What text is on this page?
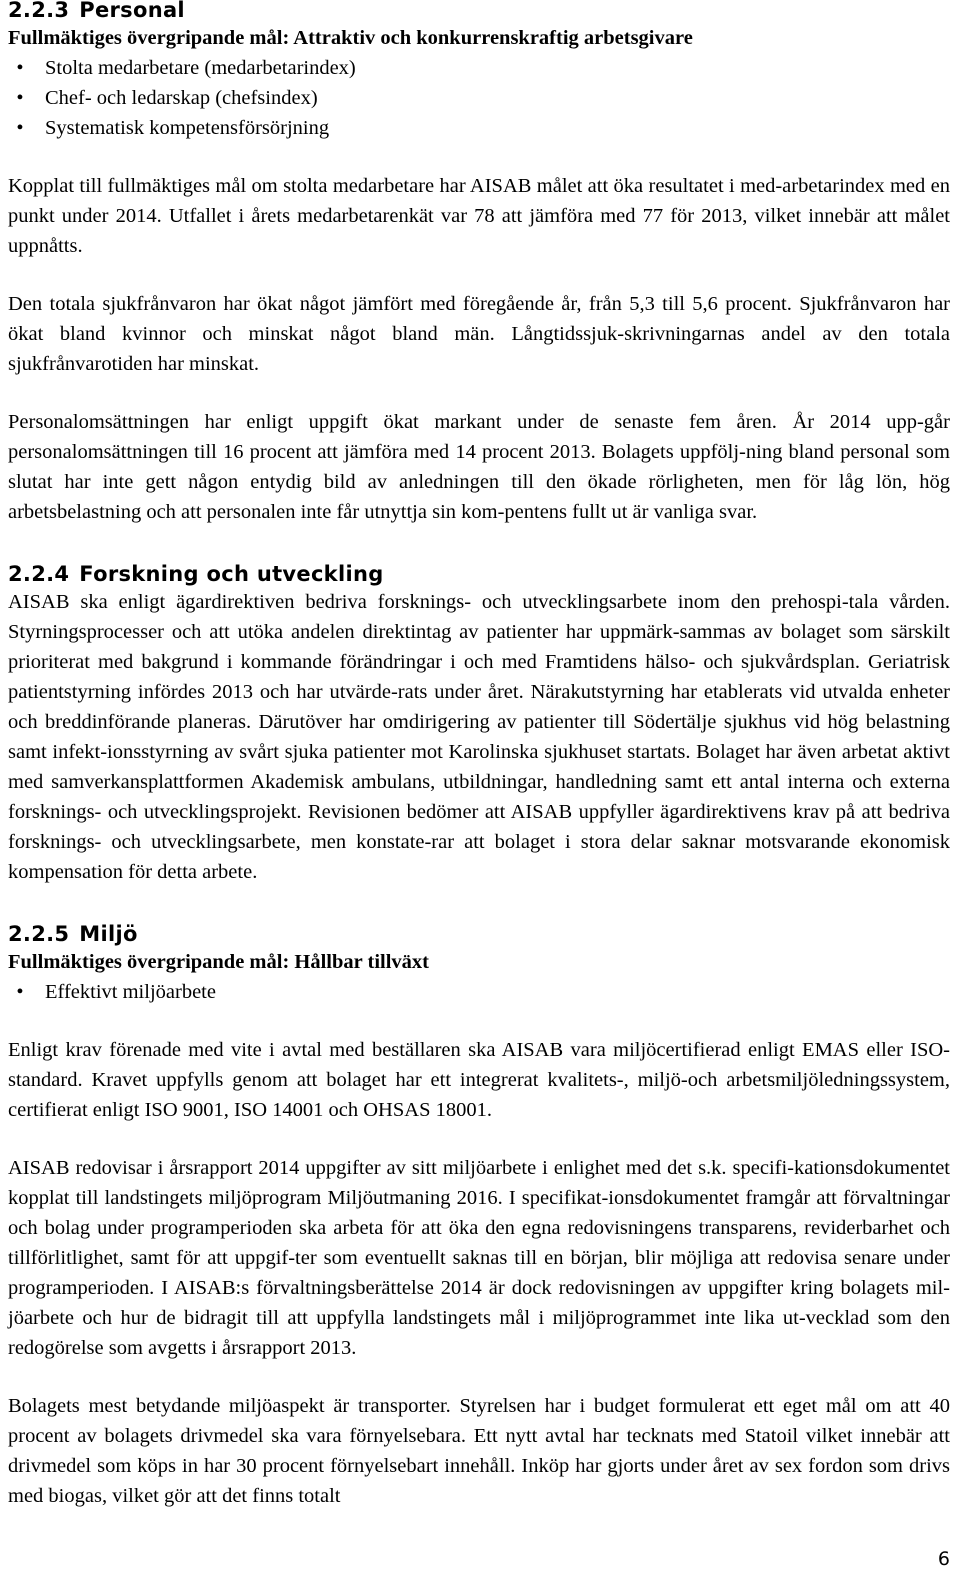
2.2.3 Personal

Fullmäktiges övergripande mål: Attraktiv och konkurrenskraftig arbetsgivare

•	Stolta medarbetare (medarbetarindex)
•	Chef- och ledarskap (chefsindex)
•	Systematisk kompetensförsörjning

Kopplat till fullmäktiges mål om stolta medarbetare har AISAB målet att öka resultatet i med-arbetarindex med en punkt under 2014. Utfallet i årets medarbetarenkät var 78 att jämföra med 77 för 2013, vilket innebär att målet uppnåtts.

Den totala sjukfrånvaron har ökat något jämfört med föregående år, från 5,3 till 5,6 procent. Sjukfrånvaron har ökat bland kvinnor och minskat något bland män. Långtidssjuk-skrivningarnas andel av den totala sjukfrånvarotiden har minskat.

Personalomsättningen har enligt uppgift ökat markant under de senaste fem åren. År 2014 upp-går personalomsättningen till 16 procent att jämföra med 14 procent 2013. Bolagets uppfölj-ning bland personal som slutat har inte gett någon entydig bild av anledningen till den ökade rörligheten, men för låg lön, hög arbetsbelastning och att personalen inte får utnyttja sin kom-pentens fullt ut är vanliga svar.

2.2.4 Forskning och utveckling

AISAB ska enligt ägardirektiven bedriva forsknings- och utvecklingsarbete inom den prehospi-tala vården. Styrningsprocesser och att utöka andelen direktintag av patienter har uppmärk-sammas av bolaget som särskilt prioriterat med bakgrund i kommande förändringar i och med Framtidens hälso- och sjukvårdsplan. Geriatrisk patientstyrning infördes 2013 och har utvärde-rats under året. Närakutstyrning har etablerats vid utvalda enheter och breddinförande planeras. Därutöver har omdirigering av patienter till Södertälje sjukhus vid hög belastning samt infekt-ionsstyrning av svårt sjuka patienter mot Karolinska sjukhuset startats. Bolaget har även arbetat aktivt med samverkansplattformen Akademisk ambulans, utbildningar, handledning samt ett antal interna och externa forsknings- och utvecklingsprojekt. Revisionen bedömer att AISAB uppfyller ägardirektivens krav på att bedriva forsknings- och utvecklingsarbete, men konstate-rar att bolaget i stora delar saknar motsvarande ekonomisk kompensation för detta arbete.

2.2.5 Miljö

Fullmäktiges övergripande mål: Hållbar tillväxt

•	Effektivt miljöarbete

Enligt krav förenade med vite i avtal med beställaren ska AISAB vara miljöcertifierad enligt EMAS eller ISO-standard. Kravet uppfylls genom att bolaget har ett integrerat kvalitets-, miljö-och arbetsmiljöledningssystem, certifierat enligt ISO 9001, ISO 14001 och OHSAS 18001.

AISAB redovisar i årsrapport 2014 uppgifter av sitt miljöarbete i enlighet med det s.k. specifi-kationsdokumentet kopplat till landstingets miljöprogram Miljöutmaning 2016. I specifikat-ionsdokumentet framgår att förvaltningar och bolag under programperioden ska arbeta för att öka den egna redovisningens transparens, reviderbarhet och tillförlitlighet, samt för att uppgif-ter som eventuellt saknas till en början, blir möjliga att redovisa senare under programperioden. I AISAB:s förvaltningsberättelse 2014 är dock redovisningen av uppgifter kring bolagets mil-jöarbete och hur de bidragit till att uppfylla landstingets mål i miljöprogrammet inte lika ut-vecklad som den redogörelse som avgetts i årsrapport 2013.

Bolagets mest betydande miljöaspekt är transporter. Styrelsen har i budget formulerat ett eget mål om att 40 procent av bolagets drivmedel ska vara förnyelsebara. Ett nytt avtal har tecknats med Statoil vilket innebär att drivmedel som köps in har 30 procent förnyelsebart innehåll. Inköp har gjorts under året av sex fordon som drivs med biogas, vilket gör att det finns totalt

6
